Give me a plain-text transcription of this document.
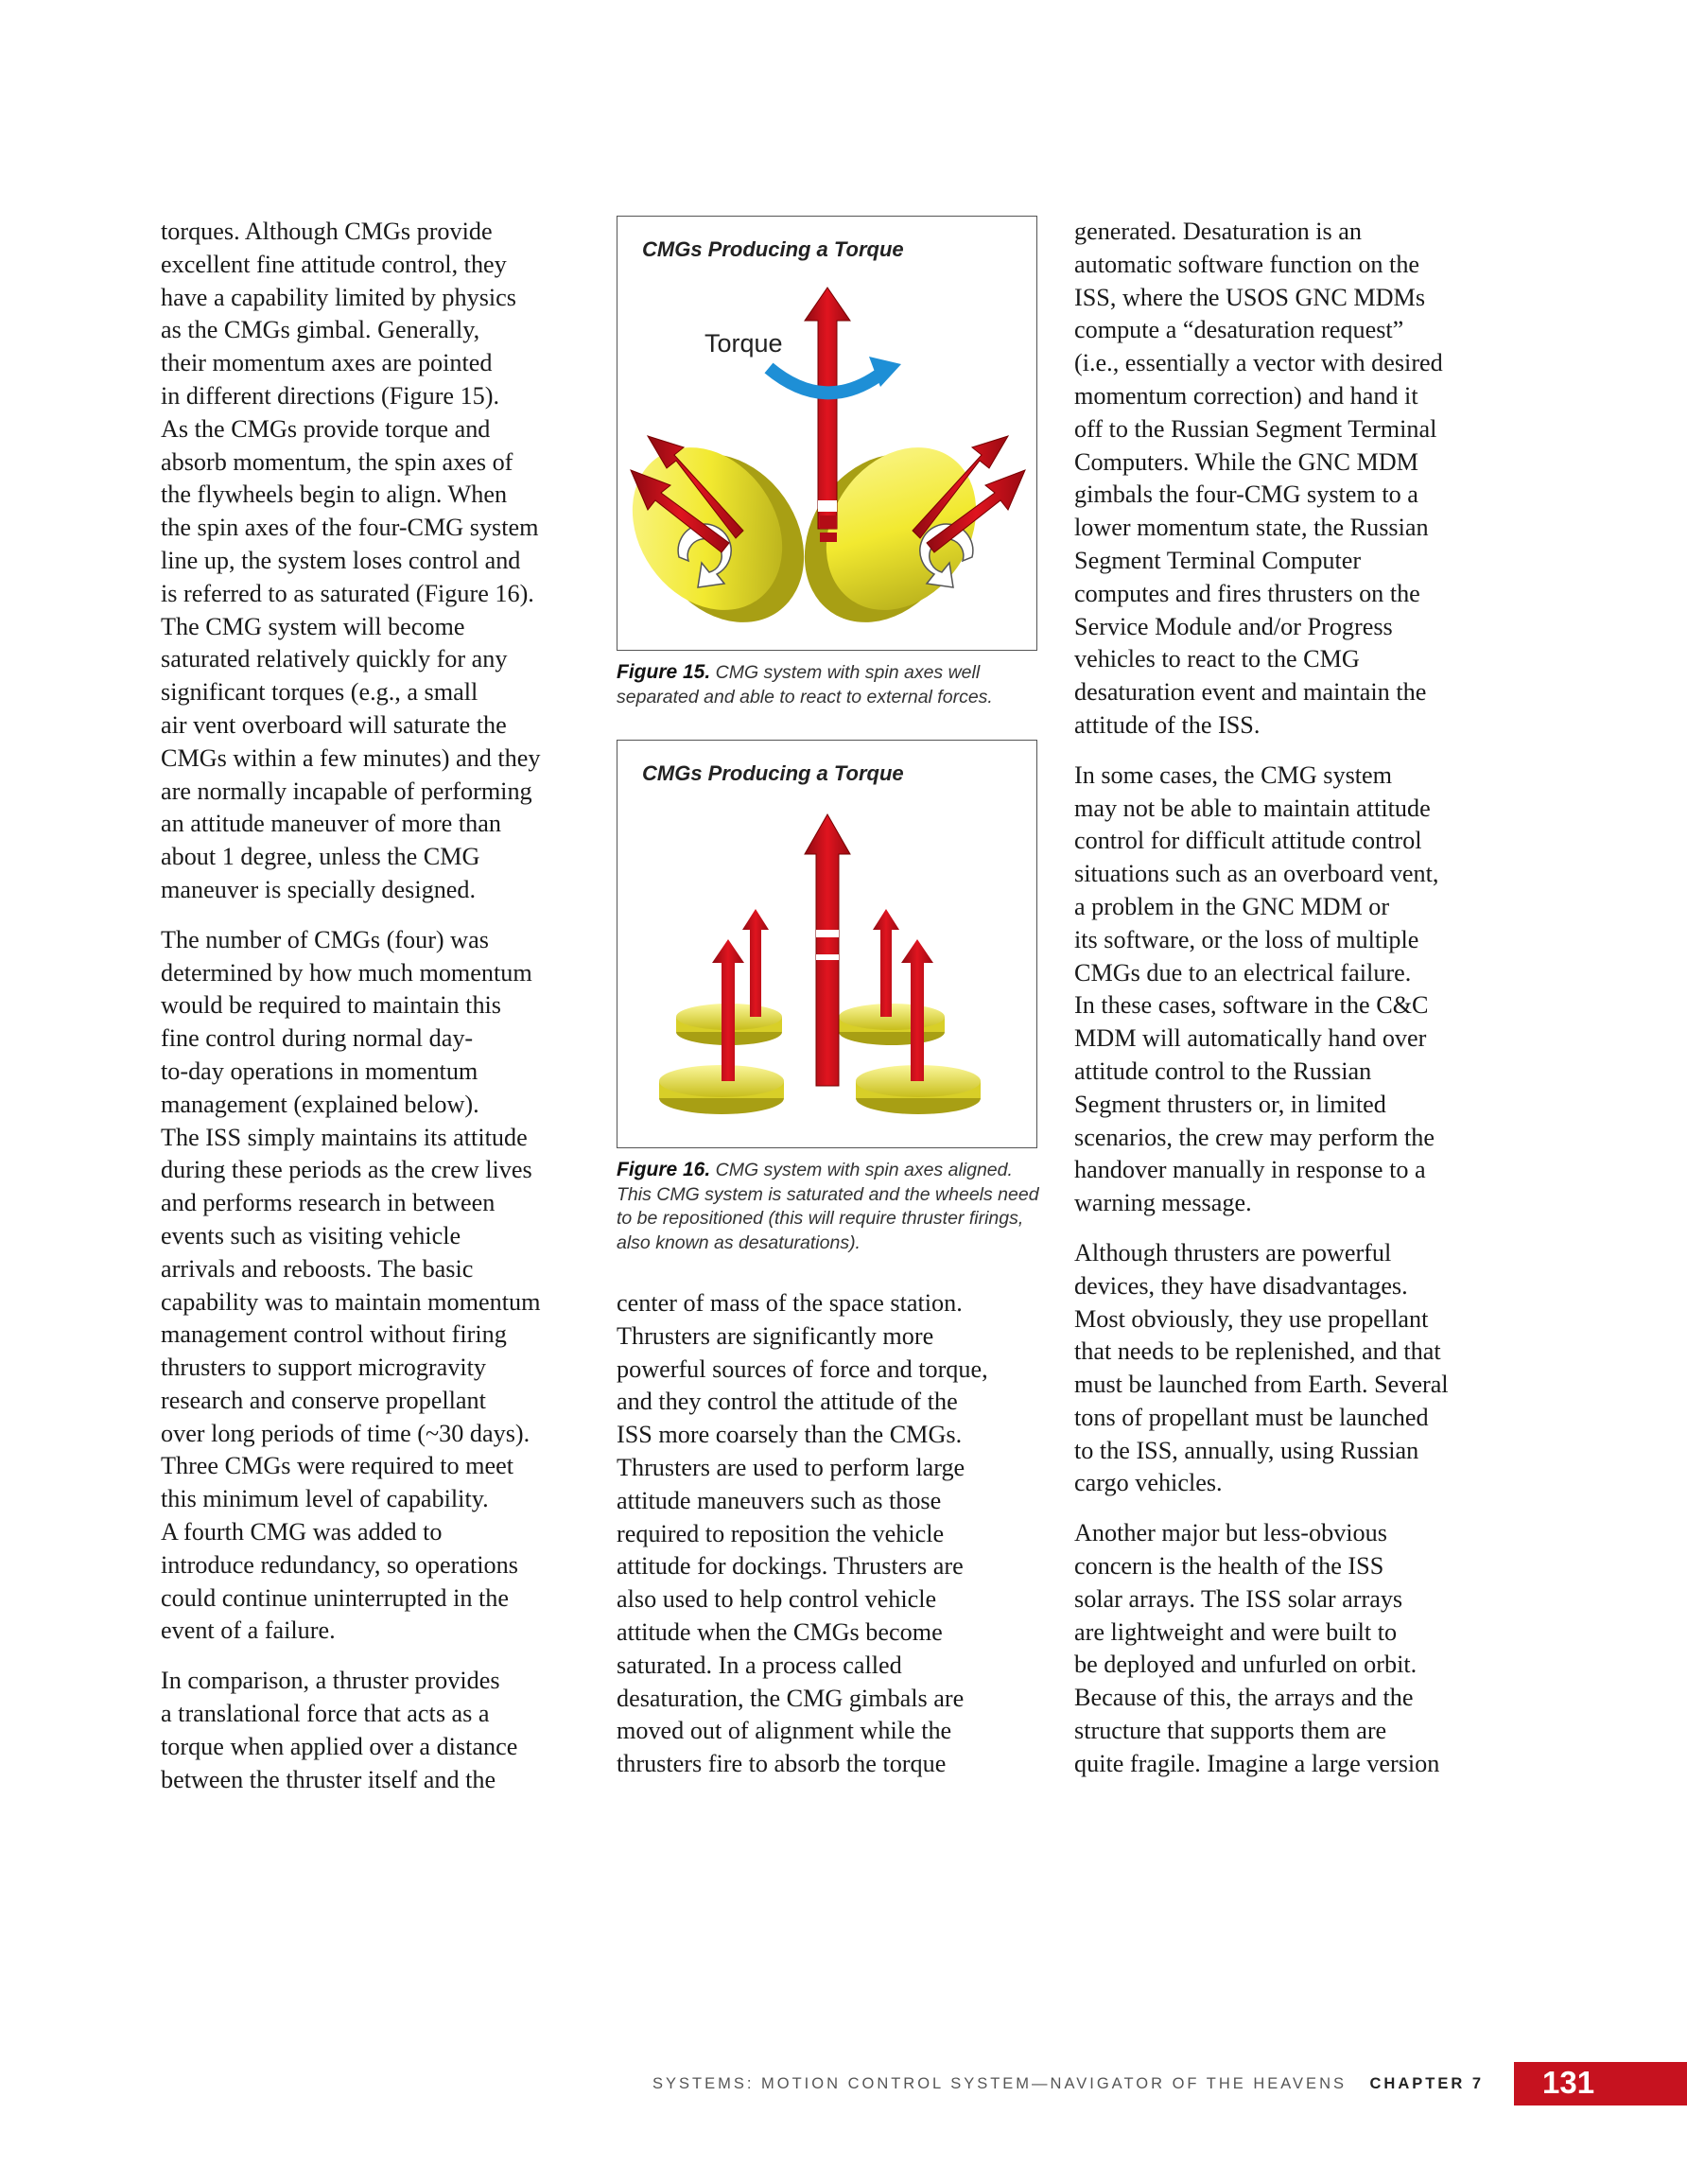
torques. Although CMGs provide
excellent fine attitude control, they
have a capability limited by physics
as the CMGs gimbal. Generally,
their momentum axes are pointed
in different directions (Figure 15).
As the CMGs provide torque and
absorb momentum, the spin axes of
the flywheels begin to align. When
the spin axes of the four-CMG system
line up, the system loses control and
is referred to as saturated (Figure 16).
The CMG system will become
saturated relatively quickly for any
significant torques (e.g., a small
air vent overboard will saturate the
CMGs within a few minutes) and they
are normally incapable of performing
an attitude maneuver of more than
about 1 degree, unless the CMG
maneuver is specially designed.

The number of CMGs (four) was
determined by how much momentum
would be required to maintain this
fine control during normal day-
to-day operations in momentum
management (explained below).
The ISS simply maintains its attitude
during these periods as the crew lives
and performs research in between
events such as visiting vehicle
arrivals and reboosts. The basic
capability was to maintain momentum
management control without firing
thrusters to support microgravity
research and conserve propellant
over long periods of time (~30 days).
Three CMGs were required to meet
this minimum level of capability.
A fourth CMG was added to
introduce redundancy, so operations
could continue uninterrupted in the
event of a failure.

In comparison, a thruster provides
a translational force that acts as a
torque when applied over a distance
between the thruster itself and the

CMGs Producing a Torque
Torque

Figure 15. CMG system with spin axes well separated and able to react to external forces.

CMGs Producing a Torque

Figure 16. CMG system with spin axes aligned. This CMG system is saturated and the wheels need to be repositioned (this will require thruster firings, also known as desaturations).

center of mass of the space station.
Thrusters are significantly more
powerful sources of force and torque,
and they control the attitude of the
ISS more coarsely than the CMGs.
Thrusters are used to perform large
attitude maneuvers such as those
required to reposition the vehicle
attitude for dockings. Thrusters are
also used to help control vehicle
attitude when the CMGs become
saturated. In a process called
desaturation, the CMG gimbals are
moved out of alignment while the
thrusters fire to absorb the torque

generated. Desaturation is an
automatic software function on the
ISS, where the USOS GNC MDMs
compute a “desaturation request”
(i.e., essentially a vector with desired
momentum correction) and hand it
off to the Russian Segment Terminal
Computers. While the GNC MDM
gimbals the four-CMG system to a
lower momentum state, the Russian
Segment Terminal Computer
computes and fires thrusters on the
Service Module and/or Progress
vehicles to react to the CMG
desaturation event and maintain the
attitude of the ISS.

In some cases, the CMG system
may not be able to maintain attitude
control for difficult attitude control
situations such as an overboard vent,
a problem in the GNC MDM or
its software, or the loss of multiple
CMGs due to an electrical failure.
In these cases, software in the C&C
MDM will automatically hand over
attitude control to the Russian
Segment thrusters or, in limited
scenarios, the crew may perform the
handover manually in response to a
warning message.

Although thrusters are powerful
devices, they have disadvantages.
Most obviously, they use propellant
that needs to be replenished, and that
must be launched from Earth. Several
tons of propellant must be launched
to the ISS, annually, using Russian
cargo vehicles.

Another major but less-obvious
concern is the health of the ISS
solar arrays. The ISS solar arrays
are lightweight and were built to
be deployed and unfurled on orbit.
Because of this, the arrays and the
structure that supports them are
quite fragile. Imagine a large version

SYSTEMS: MOTION CONTROL SYSTEM—NAVIGATOR OF THE HEAVENS CHAPTER 7 131
